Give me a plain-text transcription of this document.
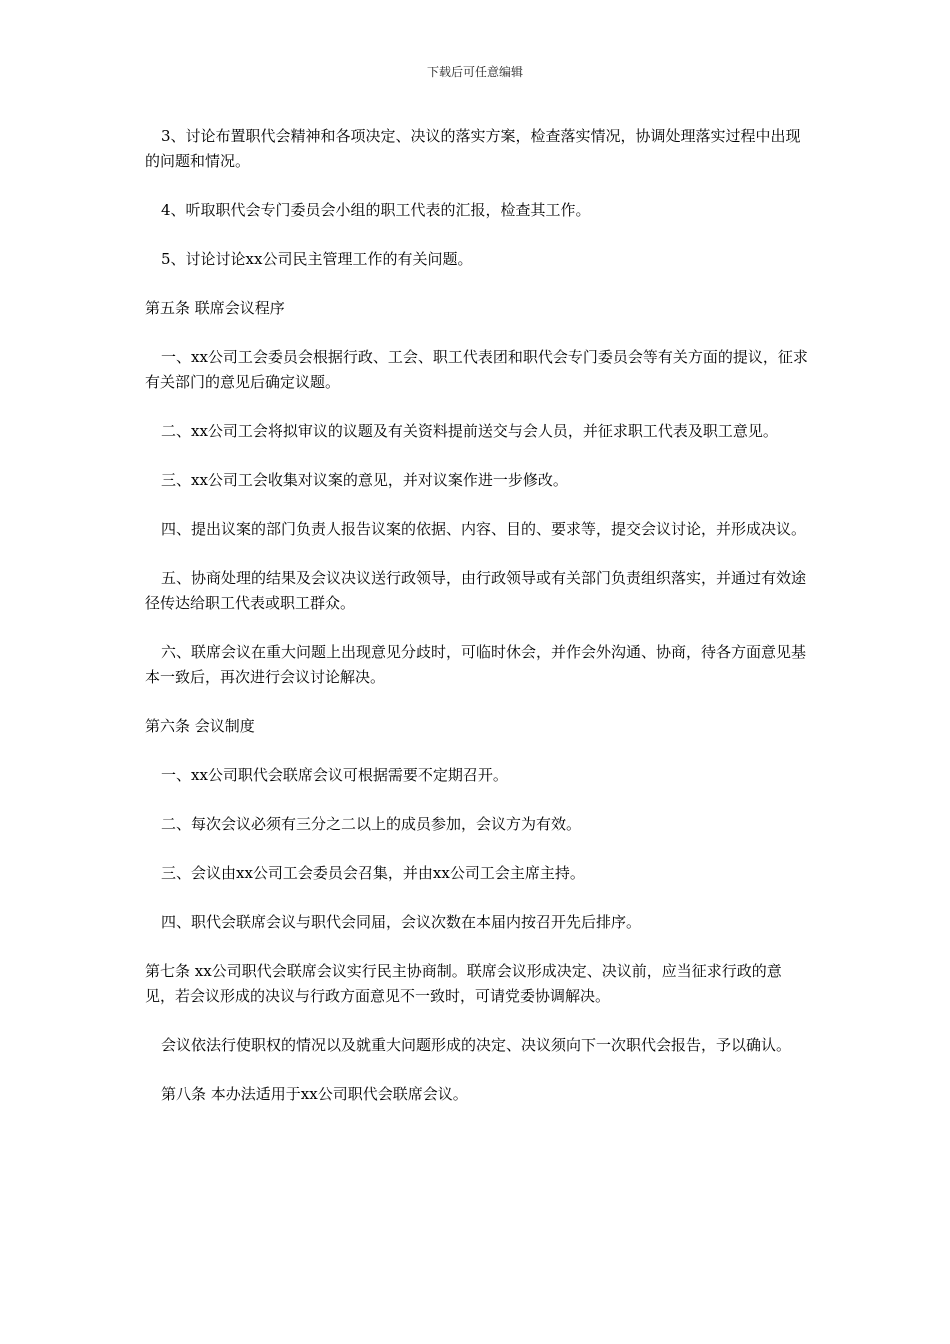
下载后可任意编辑

3、讨论布置职代会精神和各项决定、决议的落实方案，检查落实情况，协调处理落实过程中出现的问题和情况。

4、听取职代会专门委员会小组的职工代表的汇报，检查其工作。

5、讨论讨论xx公司民主管理工作的有关问题。

第五条 联席会议程序

一、xx公司工会委员会根据行政、工会、职工代表团和职代会专门委员会等有关方面的提议，征求有关部门的意见后确定议题。

二、xx公司工会将拟审议的议题及有关资料提前送交与会人员，并征求职工代表及职工意见。

三、xx公司工会收集对议案的意见，并对议案作进一步修改。

四、提出议案的部门负责人报告议案的依据、内容、目的、要求等，提交会议讨论，并形成决议。

五、协商处理的结果及会议决议送行政领导，由行政领导或有关部门负责组织落实，并通过有效途径传达给职工代表或职工群众。

六、联席会议在重大问题上出现意见分歧时，可临时休会，并作会外沟通、协商，待各方面意见基本一致后，再次进行会议讨论解决。

第六条 会议制度

一、xx公司职代会联席会议可根据需要不定期召开。

二、每次会议必须有三分之二以上的成员参加，会议方为有效。

三、会议由xx公司工会委员会召集，并由xx公司工会主席主持。

四、职代会联席会议与职代会同届，会议次数在本届内按召开先后排序。

第七条 xx公司职代会联席会议实行民主协商制。联席会议形成决定、决议前，应当征求行政的意见，若会议形成的决议与行政方面意见不一致时，可请党委协调解决。

会议依法行使职权的情况以及就重大问题形成的决定、决议须向下一次职代会报告，予以确认。

第八条 本办法适用于xx公司职代会联席会议。
